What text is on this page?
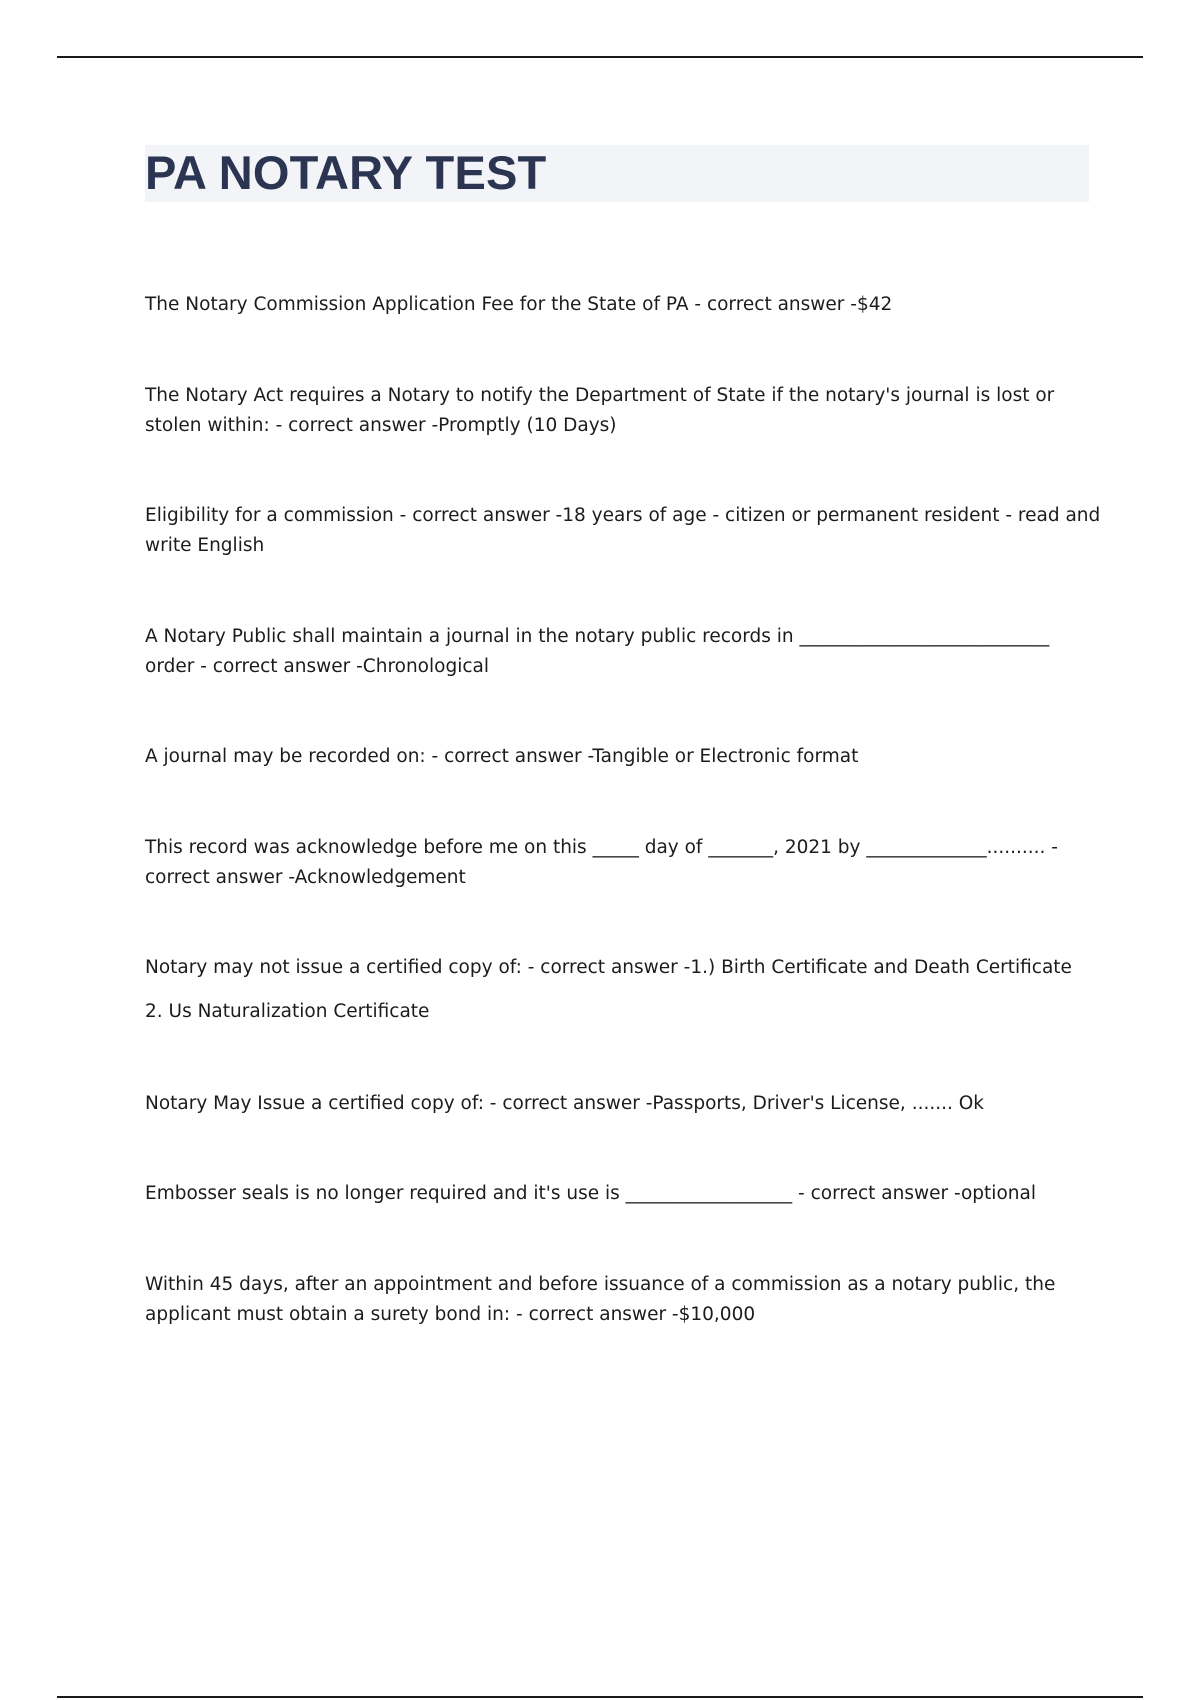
PA NOTARY TEST

The Notary Commission Application Fee for the State of PA - correct answer -$42

The Notary Act requires a Notary to notify the Department of State if the notary's journal is lost or
stolen within: - correct answer -Promptly (10 Days)

Eligibility for a commission - correct answer -18 years of age - citizen or permanent resident - read and
write English

A Notary Public shall maintain a journal in the notary public records in ___________________________
order - correct answer -Chronological

A journal may be recorded on: - correct answer -Tangible or Electronic format

This record was acknowledge before me on this _____ day of _______, 2021 by _____________.......... -
correct answer -Acknowledgement

Notary may not issue a certified copy of: - correct answer -1.) Birth Certificate and Death Certificate
2. Us Naturalization Certificate

Notary May Issue a certified copy of: - correct answer -Passports, Driver's License, ....... Ok

Embosser seals is no longer required and it's use is __________________ - correct answer -optional

Within 45 days, after an appointment and before issuance of a commission as a notary public, the
applicant must obtain a surety bond in: - correct answer -$10,000
